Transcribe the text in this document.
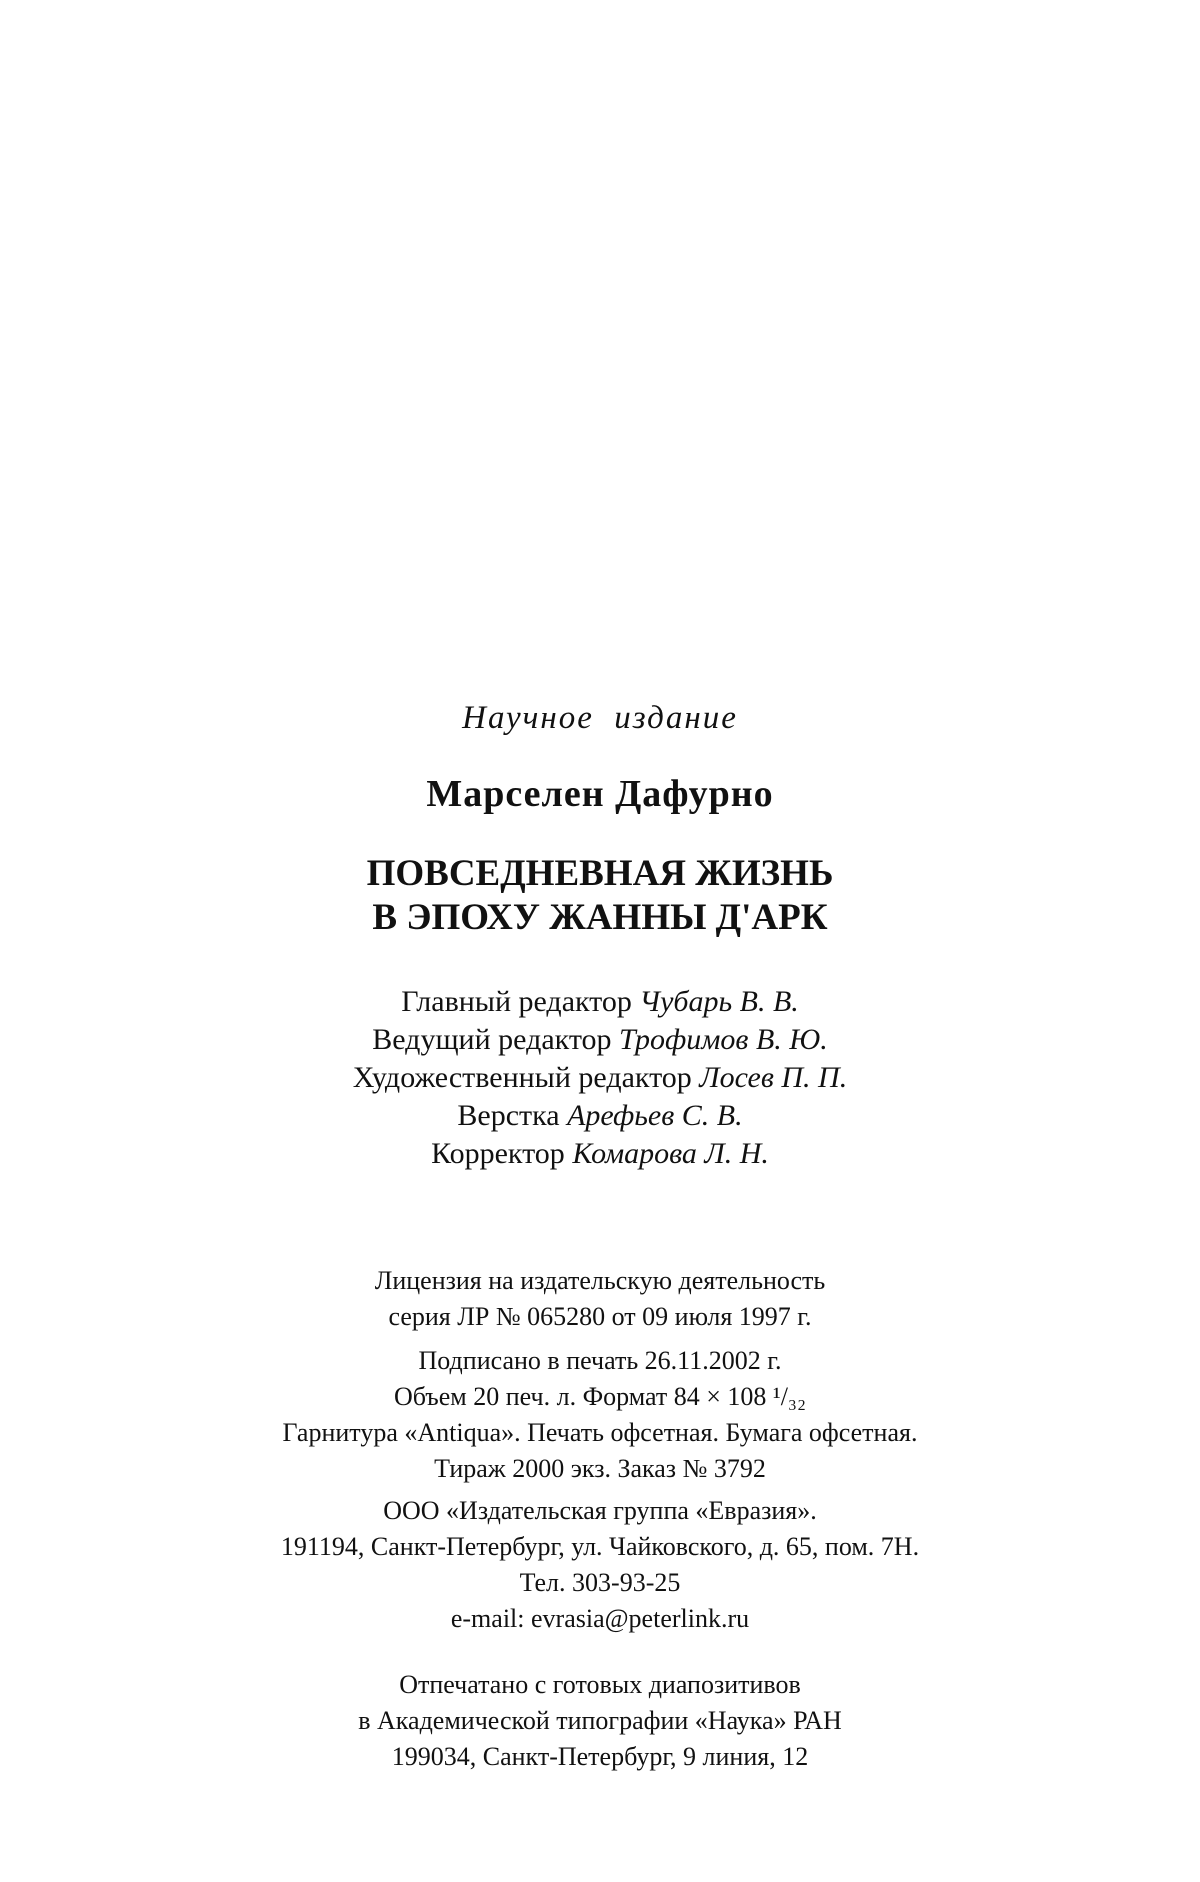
Научное издание
Марселен Дафурно
ПОВСЕДНЕВНАЯ ЖИЗНЬ
В ЭПОХУ ЖАННЫ Д'АРК
Главный редактор Чубарь В. В.
Ведущий редактор Трофимов В. Ю.
Художественный редактор Лосев П. П.
Верстка Арефьев С. В.
Корректор Комарова Л. Н.
Лицензия на издательскую деятельность
серия ЛР № 065280 от 09 июля 1997 г.
Подписано в печать 26.11.2002 г.
Объем 20 печ. л. Формат 84 × 108 ¹/₃₂
Гарнитура «Antiqua». Печать офсетная. Бумага офсетная.
Тираж 2000 экз. Заказ № 3792
ООО «Издательская группа «Евразия».
191194, Санкт-Петербург, ул. Чайковского, д. 65, пом. 7Н.
Тел. 303-93-25
e-mail: evrasia@peterlink.ru
Отпечатано с готовых диапозитивов
в Академической типографии «Наука» РАН
199034, Санкт-Петербург, 9 линия, 12
